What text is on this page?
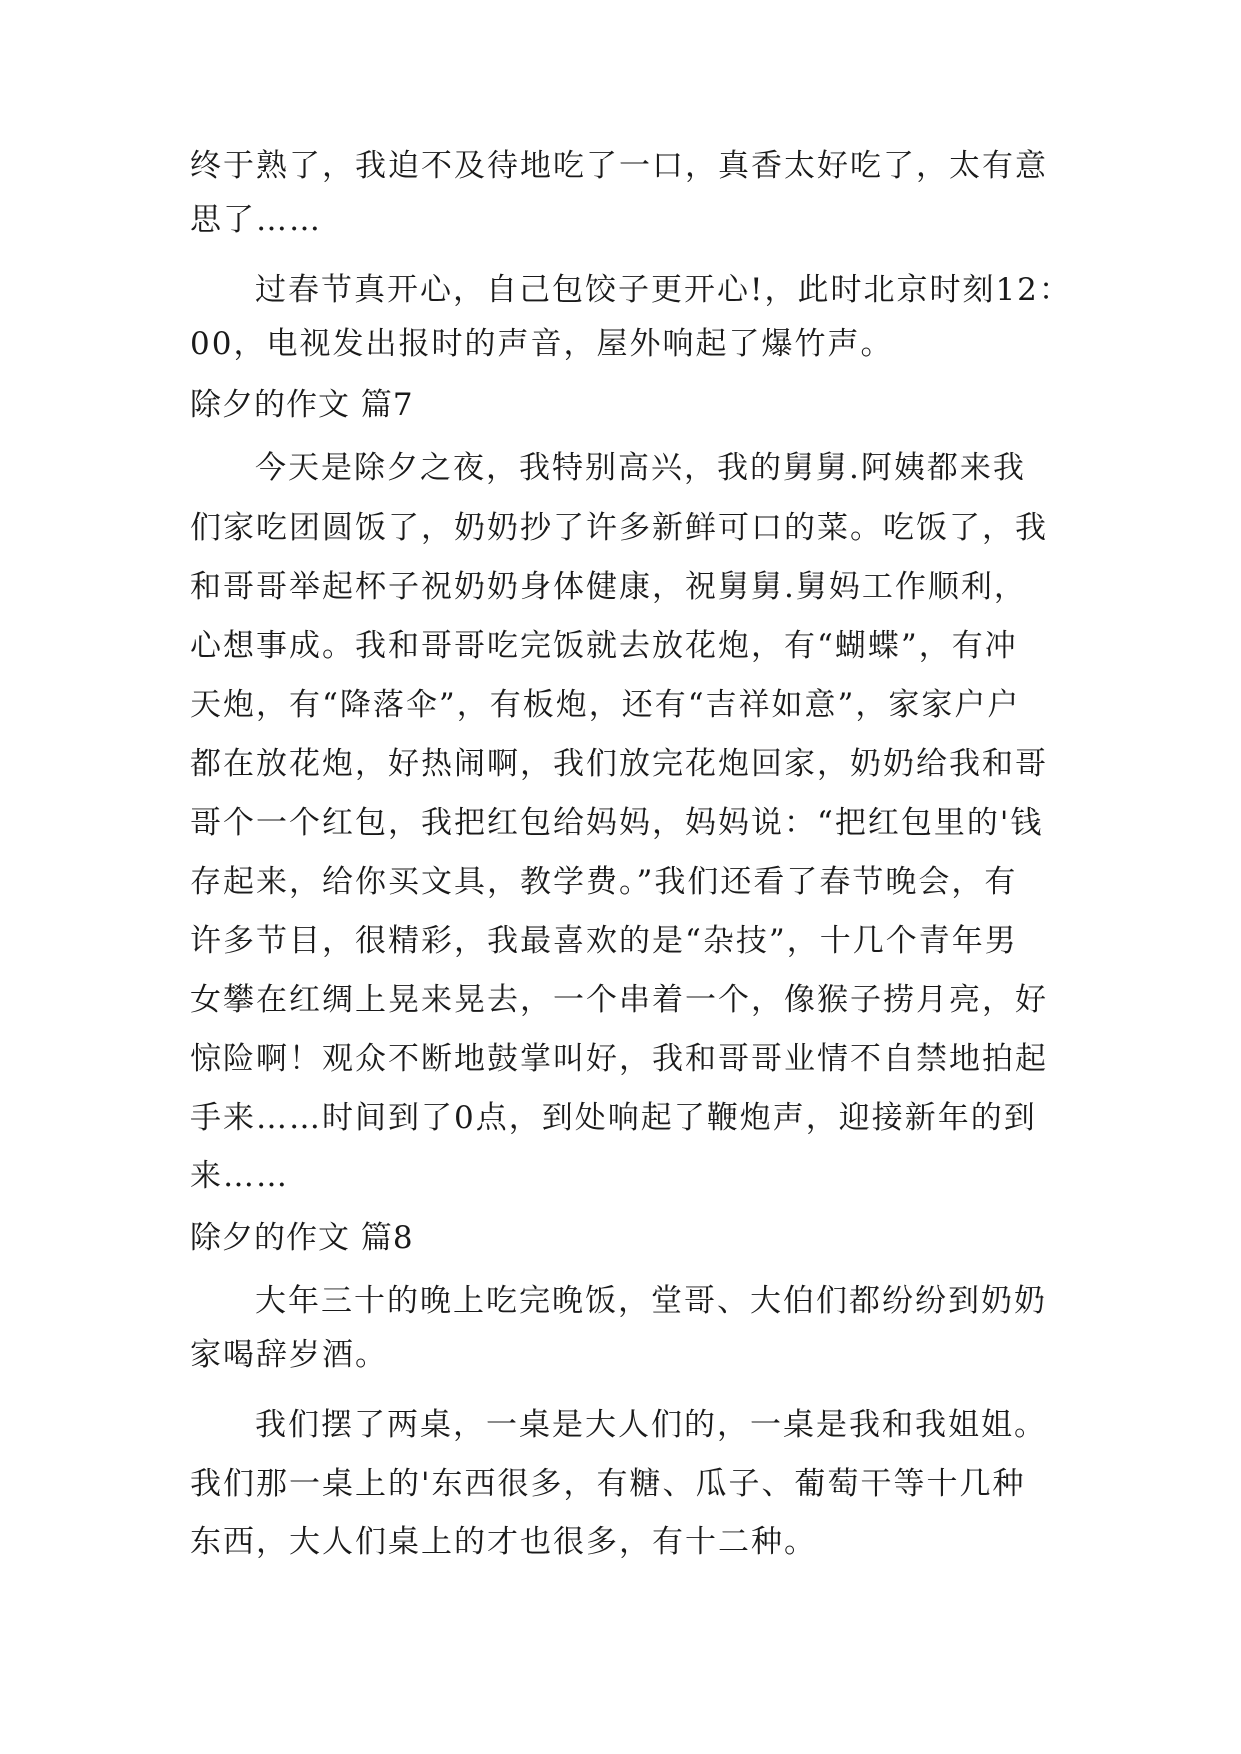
终于熟了，我迫不及待地吃了一口，真香太好吃了，太有意
思了……
过春节真开心，自己包饺子更开心!，此时北京时刻12：
00，电视发出报时的声音，屋外响起了爆竹声。
除夕的作文 篇7
今天是除夕之夜，我特别高兴，我的舅舅.阿姨都来我
们家吃团圆饭了，奶奶抄了许多新鲜可口的菜。吃饭了，我
和哥哥举起杯子祝奶奶身体健康，祝舅舅.舅妈工作顺利，
心想事成。我和哥哥吃完饭就去放花炮，有“蝴蝶”，有冲
天炮，有“降落伞”，有板炮，还有“吉祥如意”，家家户户
都在放花炮，好热闹啊，我们放完花炮回家，奶奶给我和哥
哥个一个红包，我把红包给妈妈，妈妈说：“把红包里的'钱
存起来，给你买文具，教学费。”我们还看了春节晚会，有
许多节目，很精彩，我最喜欢的是“杂技”，十几个青年男
女攀在红绸上晃来晃去，一个串着一个，像猴子捞月亮，好
惊险啊！观众不断地鼓掌叫好，我和哥哥业情不自禁地拍起
手来……时间到了0点，到处响起了鞭炮声，迎接新年的到
来……
除夕的作文 篇8
大年三十的晚上吃完晚饭，堂哥、大伯们都纷纷到奶奶
家喝辞岁酒。
我们摆了两桌，一桌是大人们的，一桌是我和我姐姐。
我们那一桌上的'东西很多，有糖、瓜子、葡萄干等十几种
东西，大人们桌上的才也很多，有十二种。
